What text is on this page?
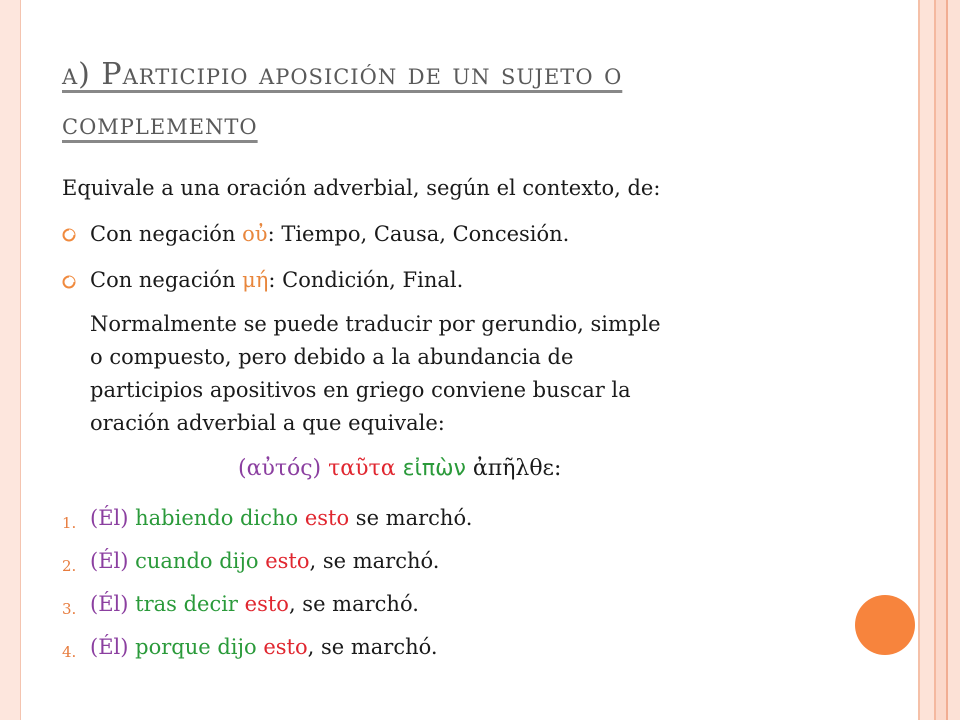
a) Participio aposición de un sujeto o
complemento
Equivale a una oración adverbial, según el contexto, de:
Con negación οὐ: Tiempo, Causa, Concesión.
Con negación μή: Condición, Final.
Normalmente se puede traducir por gerundio, simple
o compuesto, pero debido a la abundancia de
participios apositivos en griego conviene buscar la
oración adverbial a que equivale:
(αὐτός) ταῦτα εἰπὼν ἀπῆλθε:
1. (Él) habiendo dicho esto se marchó.
2. (Él) cuando dijo esto, se marchó.
3. (Él) tras decir esto, se marchó.
4. (Él) porque dijo esto, se marchó.
